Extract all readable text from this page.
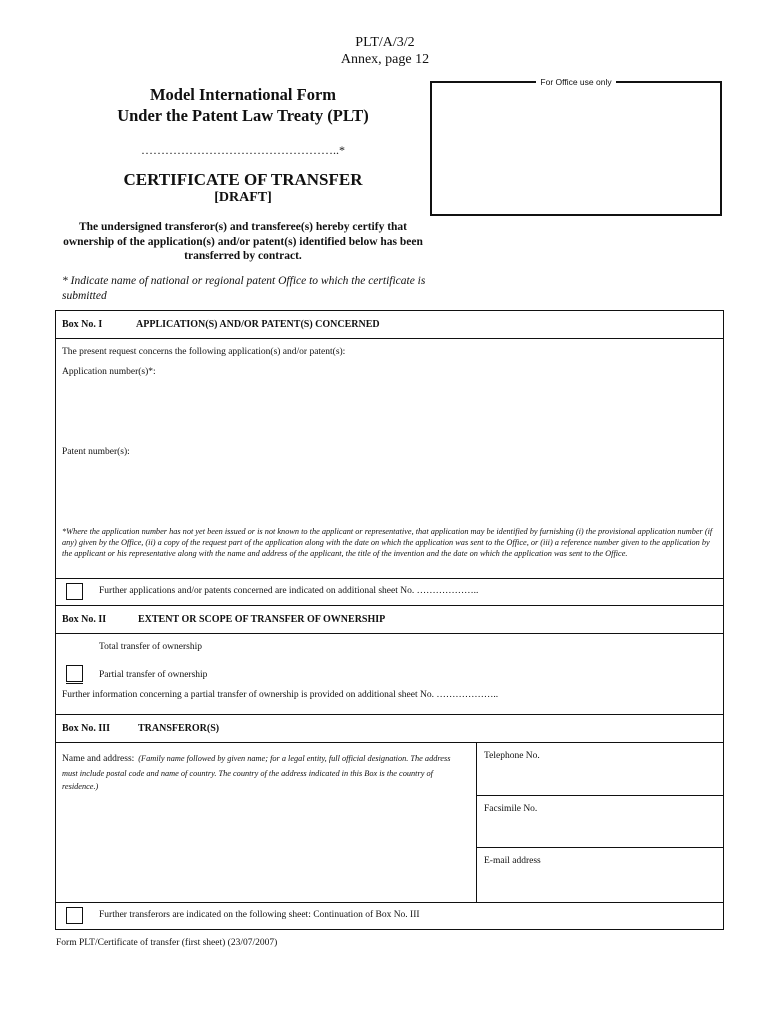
PLT/A/3/2
Annex, page 12
Model International Form
Under the Patent Law Treaty (PLT)
…………………………………………..*
CERTIFICATE OF TRANSFER
[DRAFT]
The undersigned transferor(s) and transferee(s) hereby certify that ownership of the application(s) and/or patent(s) identified below has been transferred by contract.
* Indicate name of national or regional patent Office to which the certificate is submitted
For Office use only
Box No. I	APPLICATION(S) AND/OR PATENT(S) CONCERNED
The present request concerns the following application(s) and/or patent(s):
Application number(s)*:
Patent number(s):
*Where the application number has not yet been issued or is not known to the applicant or representative, that application may be identified by furnishing (i) the provisional application number (if any) given by the Office, (ii) a copy of the request part of the application along with the date on which the application was sent to the Office, or (iii) a reference number given to the application by the applicant or his representative along with the name and address of the applicant, the title of the invention and the date on which the application was sent to the Office.
Further applications and/or patents concerned are indicated on additional sheet No. ………………..
Box No. II	EXTENT OR SCOPE OF TRANSFER OF OWNERSHIP
Total transfer of ownership
Partial transfer of ownership
Further information concerning a partial transfer of ownership is provided on additional sheet No. ………………..
Box No. III	TRANSFEROR(S)
Name and address: (Family name followed by given name; for a legal entity, full official designation. The address must include postal code and name of country. The country of the address indicated in this Box is the country of residence.)
Telephone No.
Facsimile No.
E-mail address
Further transferors are indicated on the following sheet: Continuation of Box No. III
Form PLT/Certificate of transfer (first sheet) (23/07/2007)
